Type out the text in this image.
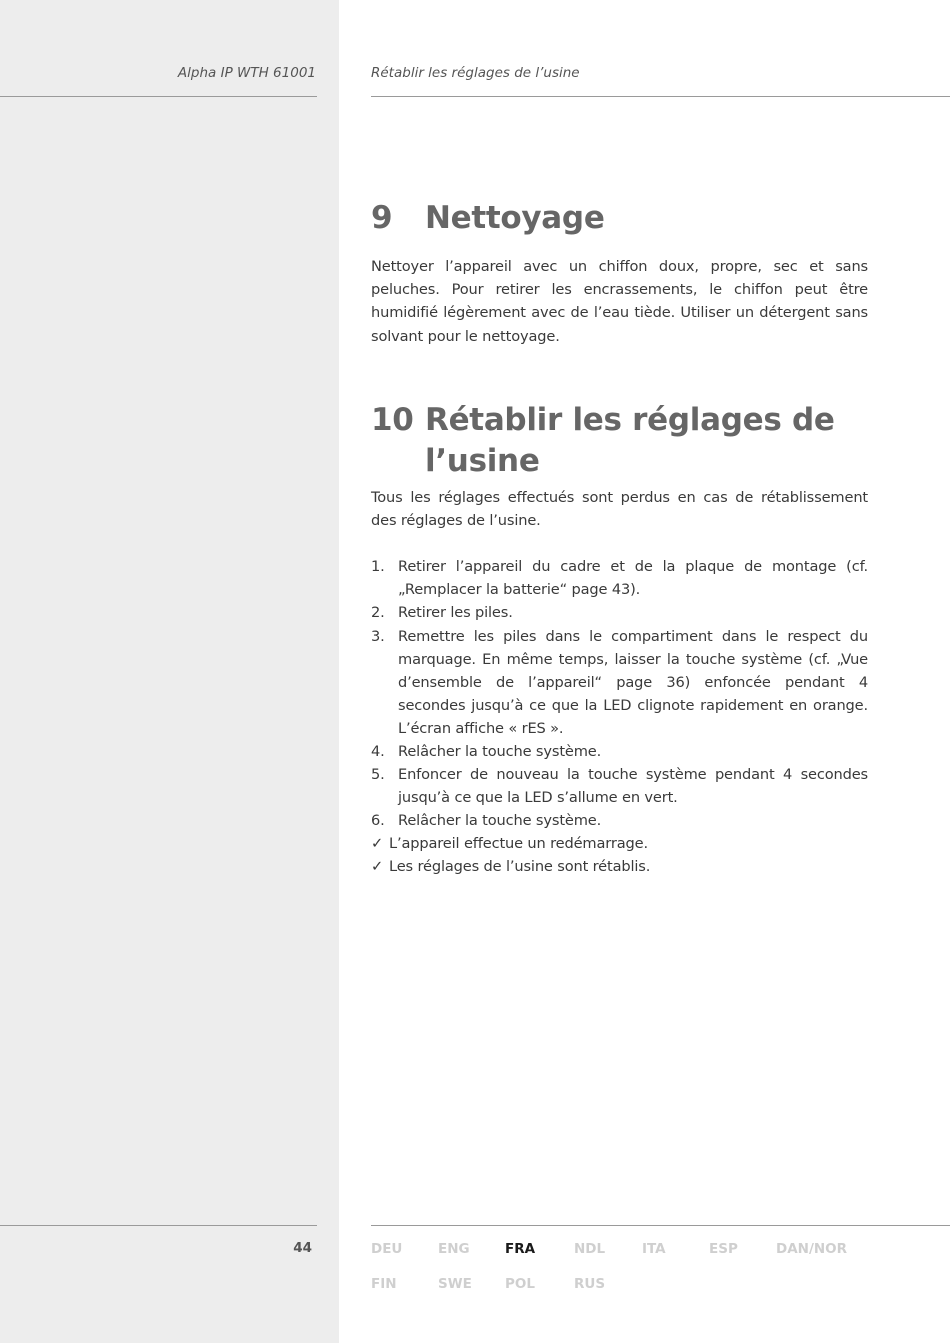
Alpha IP WTH 61001	Rétablir les réglages de l’usine
9 Nettoyage

Nettoyer l’appareil avec un chiffon doux, propre, sec et sans peluches. Pour retirer les encrassements, le chiffon peut être humidifié légèrement avec de l’eau tiède. Utiliser un détergent sans solvant pour le nettoyage.

10 Rétablir les réglages de l’usine

Tous les réglages effectués sont perdus en cas de rétablissement des réglages de l’usine.

1. Retirer l’appareil du cadre et de la plaque de montage (cf. „Remplacer la batterie“ page 43).
2. Retirer les piles.
3. Remettre les piles dans le compartiment dans le respect du marquage. En même temps, laisser la touche système (cf. „Vue d’ensemble de l’appareil“ page 36) enfoncée pendant 4 secondes jusqu’à ce que la LED clignote rapidement en orange. L’écran affiche « rES ».
4. Relâcher la touche système.
5. Enfoncer de nouveau la touche système pendant 4 secondes jusqu’à ce que la LED s’allume en vert.
6. Relâcher la touche système.
✓ L’appareil effectue un redémarrage.
✓ Les réglages de l’usine sont rétablis.
44	DEU	ENG	FRA	NDL	ITA	ESP	DAN/NOR
FIN	SWE POL	RUS
